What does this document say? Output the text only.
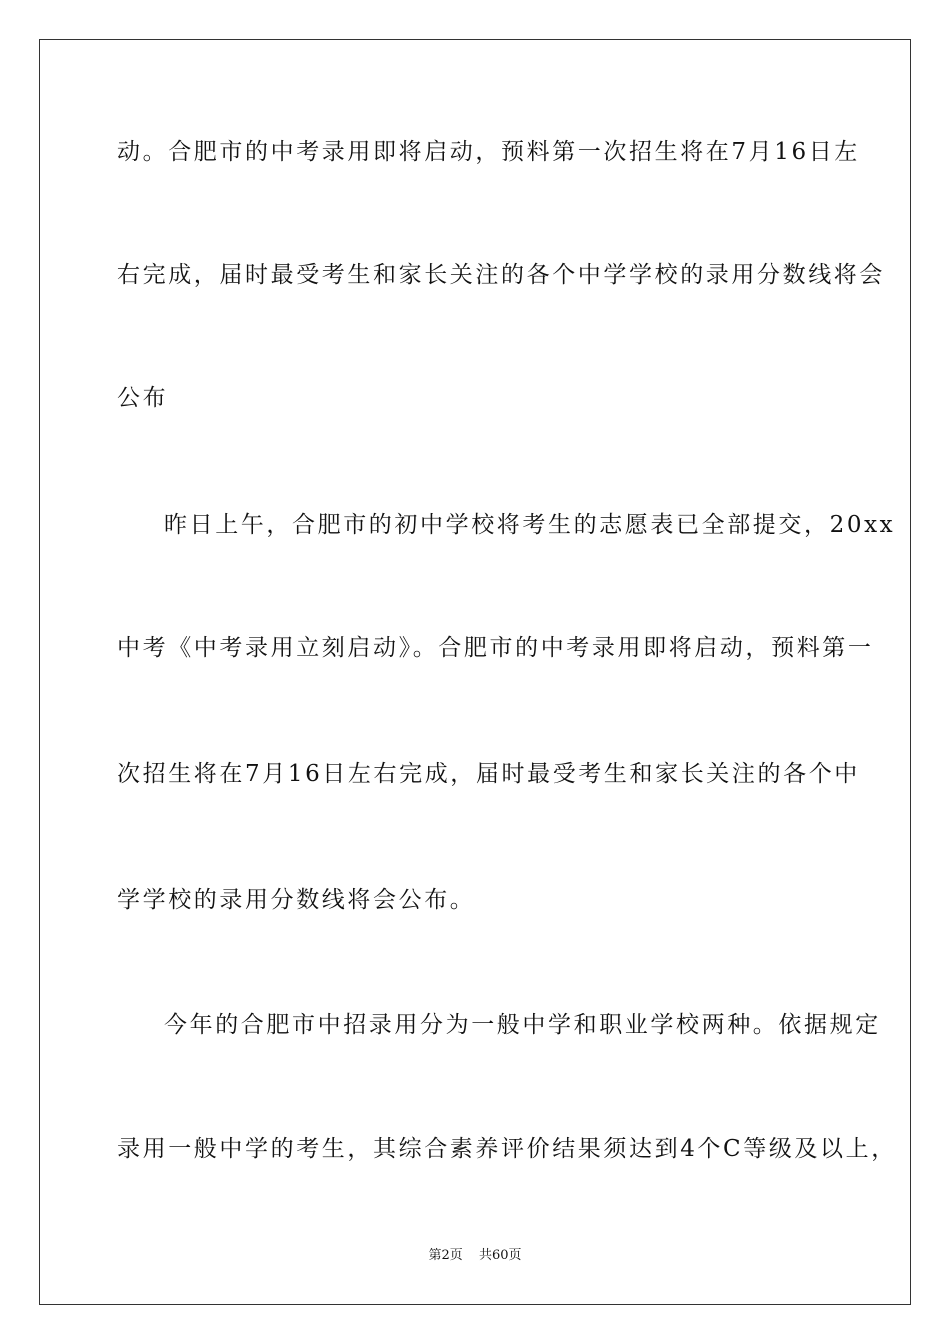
动。合肥市的中考录用即将启动，预料第一次招生将在7月16日左
右完成，届时最受考生和家长关注的各个中学学校的录用分数线将会
公布
昨日上午，合肥市的初中学校将考生的志愿表已全部提交，20xx
中考《中考录用立刻启动》。合肥市的中考录用即将启动，预料第一
次招生将在7月16日左右完成，届时最受考生和家长关注的各个中
学学校的录用分数线将会公布。
今年的合肥市中招录用分为一般中学和职业学校两种。依据规定
录用一般中学的考生，其综合素养评价结果须达到4个C等级及以上，
第2页 共60页
